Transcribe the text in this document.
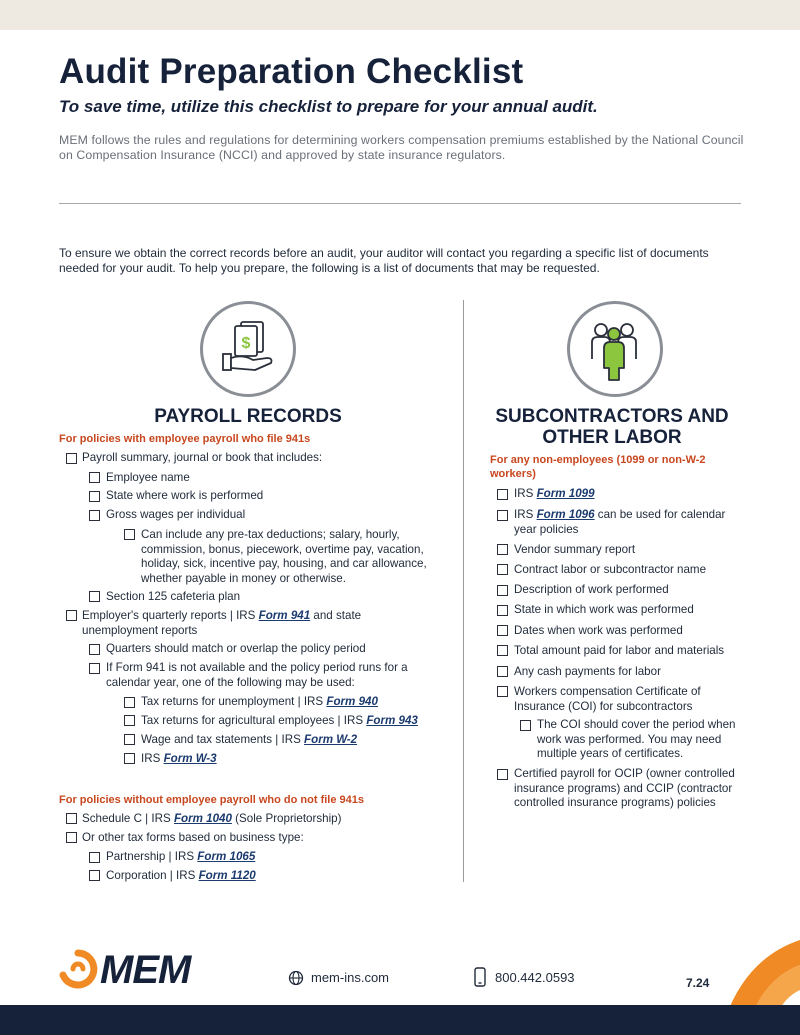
Audit Preparation Checklist
To save time, utilize this checklist to prepare for your annual audit.
MEM follows the rules and regulations for determining workers compensation premiums established by the National Council on Compensation Insurance (NCCI) and approved by state insurance regulators.
To ensure we obtain the correct records before an audit, your auditor will contact you regarding a specific list of documents needed for your audit. To help you prepare, the following is a list of documents that may be requested.
$
PAYROLL RECORDS
For policies with employee payroll who file 941s
Payroll summary, journal or book that includes:
Employee name
State where work is performed
Gross wages per individual
Can include any pre-tax deductions; salary, hourly, commission, bonus, piecework, overtime pay, vacation, holiday, sick, incentive pay, housing, and car allowance, whether payable in money or otherwise.
Section 125 cafeteria plan
Employer's quarterly reports | IRS Form 941 and state unemployment reports
Quarters should match or overlap the policy period
If Form 941 is not available and the policy period runs for a calendar year, one of the following may be used:
Tax returns for unemployment | IRS Form 940
Tax returns for agricultural employees | IRS Form 943
Wage and tax statements | IRS Form W-2
IRS Form W-3
For policies without employee payroll who do not file 941s
Schedule C | IRS Form 1040 (Sole Proprietorship)
Or other tax forms based on business type:
Partnership | IRS Form 1065
Corporation | IRS Form 1120
SUBCONTRACTORS AND
OTHER LABOR
For any non-employees (1099 or non-W-2 workers)
IRS Form 1099
IRS Form 1096 can be used for calendar year policies
Vendor summary report
Contract labor or subcontractor name
Description of work performed
State in which work was performed
Dates when work was performed
Total amount paid for labor and materials
Any cash payments for labor
Workers compensation Certificate of Insurance (COI) for subcontractors
The COI should cover the period when work was performed. You may need multiple years of certificates.
Certified payroll for OCIP (owner controlled insurance programs) and CCIP (contractor controlled insurance programs) policies
MEM	mem-ins.com	800.442.0593	7.24
